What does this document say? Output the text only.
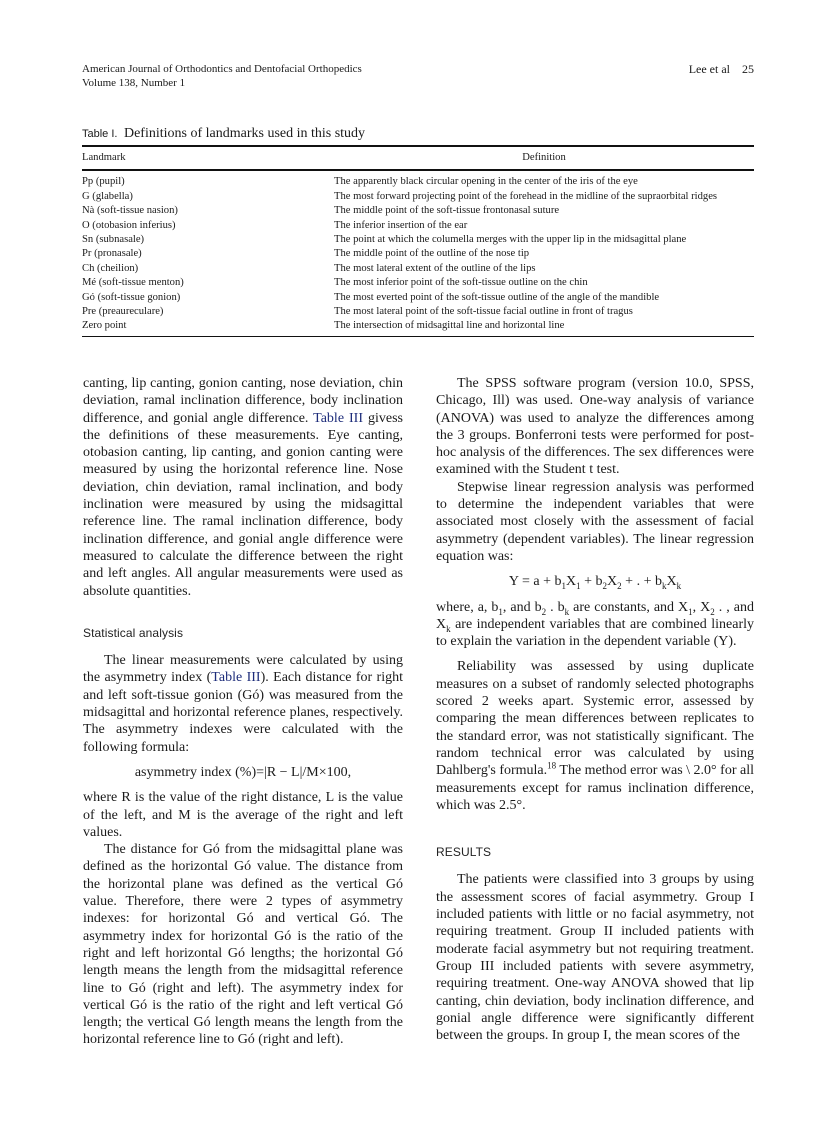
American Journal of Orthodontics and Dentofacial Orthopedics
Volume 138, Number 1
Lee et al 25
Table I. Definitions of landmarks used in this study
Landmark	Definition
Pp (pupil)	The apparently black circular opening in the center of the iris of the eye
G (glabella)	The most forward projecting point of the forehead in the midline of the supraorbital ridges
Nà (soft-tissue nasion)	The middle point of the soft-tissue frontonasal suture
O (otobasion inferius)	The inferior insertion of the ear
Sn (subnasale)	The point at which the columella merges with the upper lip in the midsagittal plane
Pr (pronasale)	The middle point of the outline of the nose tip
Ch (cheilion)	The most lateral extent of the outline of the lips
Mé (soft-tissue menton)	The most inferior point of the soft-tissue outline on the chin
Gó (soft-tissue gonion)	The most everted point of the soft-tissue outline of the angle of the mandible
Pre (preaureculare)	The most lateral point of the soft-tissue facial outline in front of tragus
Zero point	The intersection of midsagittal line and horizontal line

canting, lip canting, gonion canting, nose deviation, chin deviation, ramal inclination difference, body inclination difference, and gonial angle difference. Table III givess the definitions of these measurements. Eye canting, otobasion canting, lip canting, and gonion canting were measured by using the horizontal reference line. Nose deviation, chin deviation, ramal inclination, and body inclination were measured by using the midsagittal reference line. The ramal inclination difference, body inclination difference, and gonial angle difference were measured to calculate the difference between the right and left angles. All angular measurements were used as absolute quantities.

Statistical analysis

The linear measurements were calculated by using the asymmetry index (Table III). Each distance for right and left soft-tissue gonion (Gó) was measured from the midsagittal and horizontal reference planes, respectively. The asymmetry indexes were calculated with the following formula:

asymmetry index (%)=|R − L|/M×100,

where R is the value of the right distance, L is the value of the left, and M is the average of the right and left values.

The distance for Gó from the midsagittal plane was defined as the horizontal Gó value. The distance from the horizontal plane was defined as the vertical Gó value. Therefore, there were 2 types of asymmetry indexes: for horizontal Gó and vertical Gó. The asymmetry index for horizontal Gó is the ratio of the right and left horizontal Gó lengths; the horizontal Gó length means the length from the midsagittal reference line to Gó (right and left). The asymmetry index for vertical Gó is the ratio of the right and left vertical Gó length; the vertical Gó length means the length from the horizontal reference line to Gó (right and left).

The SPSS software program (version 10.0, SPSS, Chicago, Ill) was used. One-way analysis of variance (ANOVA) was used to analyze the differences among the 3 groups. Bonferroni tests were performed for post-hoc analysis of the differences. The sex differences were examined with the Student t test.

Stepwise linear regression analysis was performed to determine the independent variables that were associated most closely with the assessment of facial asymmetry (dependent variables). The linear regression equation was:

$Y = a + b_1X_1 + b_2X_2$ + . + $b_kX_k$

where, a, $b_1$, and $b_2$ . $b_k$ are constants, and $X_1$, $X_2$ . , and $X_k$ are independent variables that are combined linearly to explain the variation in the dependent variable (Y).

Reliability was assessed by using duplicate measures on a subset of randomly selected photographs scored 2 weeks apart. Systemic error, assessed by comparing the mean differences between replicates to the standard error, was not statistically significant. The random technical error was calculated by using Dahlberg's formula.$^{18}$ The method error was \ 2.0° for all measurements except for ramus inclination difference, which was 2.5°.

RESULTS

The patients were classified into 3 groups by using the assessment scores of facial asymmetry. Group I included patients with little or no facial asymmetry, not requiring treatment. Group II included patients with moderate facial asymmetry but not requiring treatment. Group III included patients with severe asymmetry, requiring treatment. One-way ANOVA showed that lip canting, chin deviation, body inclination difference, and gonial angle difference were significantly different between the groups. In group I, the mean scores of the
